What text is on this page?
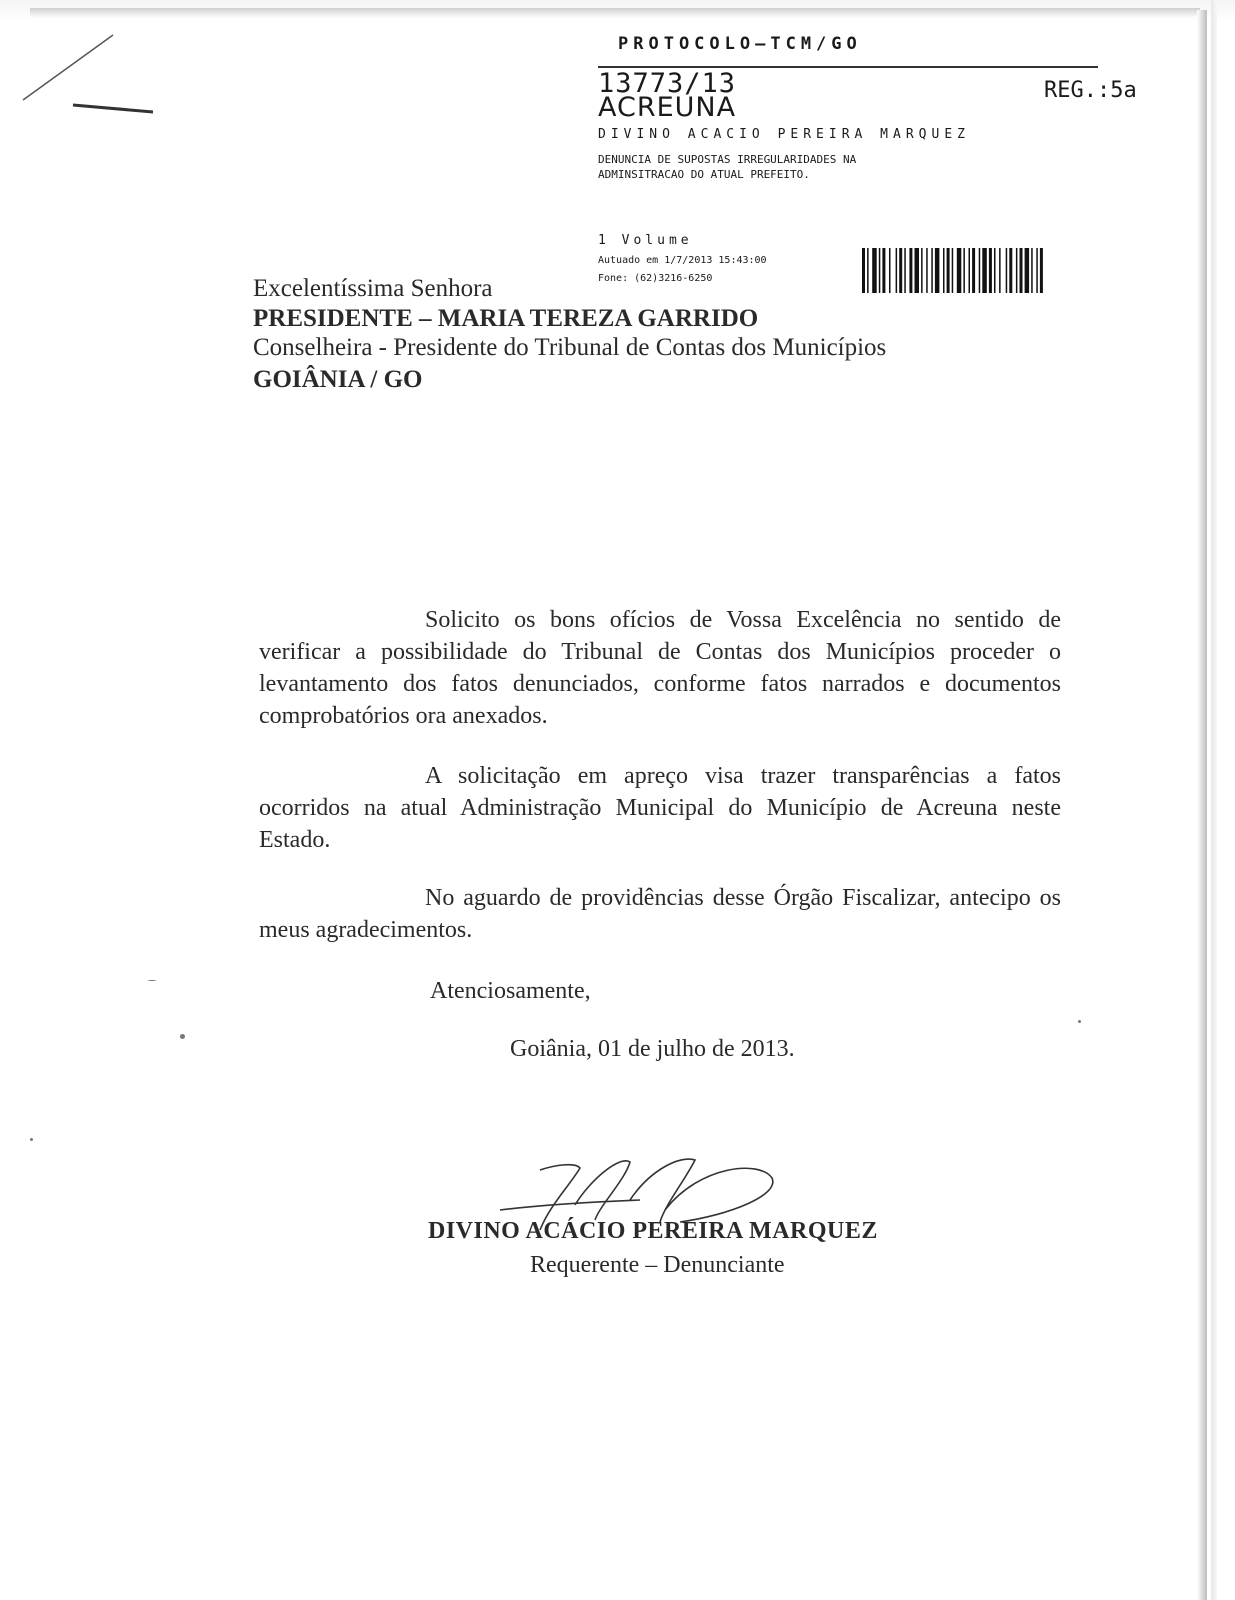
PROTOCOLO—TCM/GO
13773/13
ACREUNA
REG.:5a
DIVINO ACACIO PEREIRA MARQUEZ
DENUNCIA DE SUPOSTAS IRREGULARIDADES NA
ADMINSITRACAO DO ATUAL PREFEITO.
1 Volume
Autuado em 1/7/2013 15:43:00
Fone: (62)3216-6250
Excelentíssima Senhora
PRESIDENTE – MARIA TEREZA GARRIDO
Conselheira - Presidente do Tribunal de Contas dos Municípios
GOIÂNIA / GO
Solicito os bons ofícios de Vossa Excelência no sentido de verificar a possibilidade do Tribunal de Contas dos Municípios proceder o levantamento dos fatos denunciados, conforme fatos narrados e documentos comprobatórios ora anexados.
A solicitação em apreço visa trazer transparências a fatos ocorridos na atual Administração Municipal do Município de Acreuna neste Estado.
No aguardo de providências desse Órgão Fiscalizar, antecipo os meus agradecimentos.
Atenciosamente,
Goiânia, 01 de julho de 2013.
DIVINO ACÁCIO PEREIRA MARQUEZ
Requerente – Denunciante
